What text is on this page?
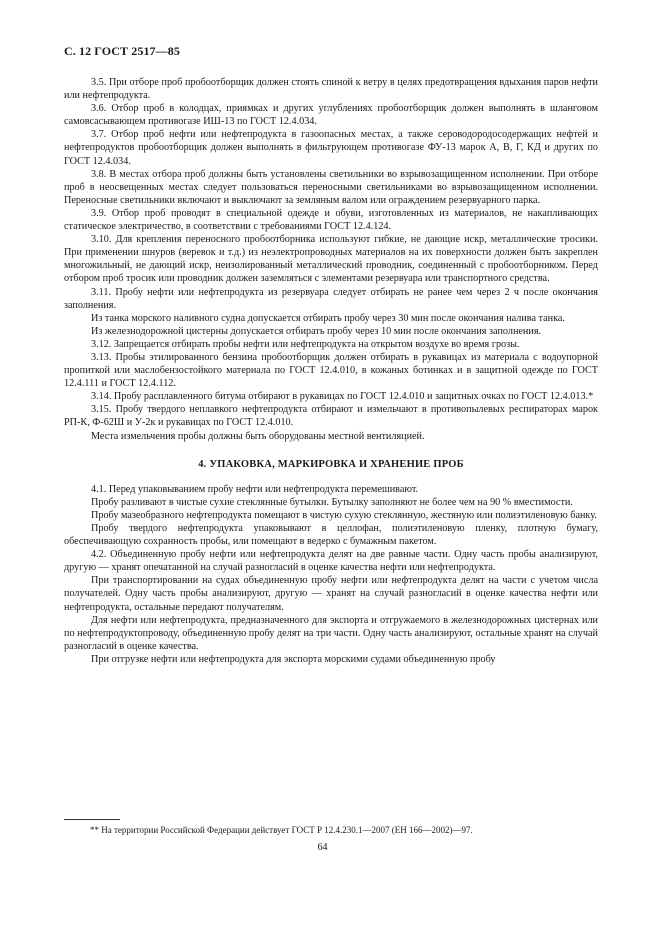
С. 12 ГОСТ 2517—85

3.5. При отборе проб пробоотборщик должен стоять спиной к ветру в целях предотвращения вдыхания паров нефти или нефтепродукта.

3.6. Отбор проб в колодцах, приямках и других углублениях пробоотборщик должен выполнять в шланговом самовсасывающем противогазе ИШ-13 по ГОСТ 12.4.034.

3.7. Отбор проб нефти или нефтепродукта в газоопасных местах, а также сероводородосодержащих нефтей и нефтепродуктов пробоотборщик должен выполнять в фильтрующем противогазе ФУ-13 марок А, В, Г, КД и других по ГОСТ 12.4.034.

3.8. В местах отбора проб должны быть установлены светильники во взрывозащищенном исполнении. При отборе проб в неосвещенных местах следует пользоваться переносными светильниками во взрывозащищенном исполнении. Переносные светильники включают и выключают за земляным валом или ограждением резервуарного парка.

3.9. Отбор проб проводят в специальной одежде и обуви, изготовленных из материалов, не накапливающих статическое электричество, в соответствии с требованиями ГОСТ 12.4.124.

3.10. Для крепления переносного пробоотборника используют гибкие, не дающие искр, металлические тросики. При применении шнуров (веревок и т.д.) из неэлектропроводных материалов на их поверхности должен быть закреплен многожильный, не дающий искр, неизолированный металлический проводник, соединенный с пробоотборником. Перед отбором проб тросик или проводник должен заземляться с элементами резервуара или транспортного средства.

3.11. Пробу нефти или нефтепродукта из резервуара следует отбирать не ранее чем через 2 ч после окончания заполнения.

Из танка морского наливного судна допускается отбирать пробу через 30 мин после окончания налива танка.

Из железнодорожной цистерны допускается отбирать пробу через 10 мин после окончания заполнения.

3.12. Запрещается отбирать пробы нефти или нефтепродукта на открытом воздухе во время грозы.

3.13. Пробы этилированного бензина пробоотборщик должен отбирать в рукавицах из материала с водоупорной пропиткой или маслобензостойкого материала по ГОСТ 12.4.010, в кожаных ботинках и в защитной одежде по ГОСТ 12.4.111 и ГОСТ 12.4.112.

3.14. Пробу расплавленного битума отбирают в рукавицах по ГОСТ 12.4.010 и защитных очках по ГОСТ 12.4.013.*

3.15. Пробу твердого неплавкого нефтепродукта отбирают и измельчают в противопылевых респираторах марок РП-К, Ф-62Ш и У-2к и рукавицах по ГОСТ 12.4.010.

Места измельчения пробы должны быть оборудованы местной вентиляцией.

4. УПАКОВКА, МАРКИРОВКА И ХРАНЕНИЕ ПРОБ

4.1. Перед упаковыванием пробу нефти или нефтепродукта перемешивают.

Пробу разливают в чистые сухие стеклянные бутылки. Бутылку заполняют не более чем на 90 % вместимости.

Пробу мазеобразного нефтепродукта помещают в чистую сухую стеклянную, жестяную или полиэтиленовую банку.

Пробу твердого нефтепродукта упаковывают в целлофан, полиэтиленовую пленку, плотную бумагу, обеспечивающую сохранность пробы, или помещают в ведерко с бумажным пакетом.

4.2. Объединенную пробу нефти или нефтепродукта делят на две равные части. Одну часть пробы анализируют, другую — хранят опечатанной на случай разногласий в оценке качества нефти или нефтепродукта.

При транспортировании на судах объединенную пробу нефти или нефтепродукта делят на части с учетом числа получателей. Одну часть пробы анализируют, другую — хранят на случай разногласий в оценке качества нефти или нефтепродукта, остальные передают получателям.

Для нефти или нефтепродукта, предназначенного для экспорта и отгружаемого в железнодорожных цистернах или по нефтепродуктопроводу, объединенную пробу делят на три части. Одну часть анализируют, остальные хранят на случай разногласий в оценке качества.

При отгрузке нефти или нефтепродукта для экспорта морскими судами объединенную пробу

** На территории Российской Федерации действует ГОСТ Р 12.4.230.1—2007 (ЕН 166—2002)—97.
64
